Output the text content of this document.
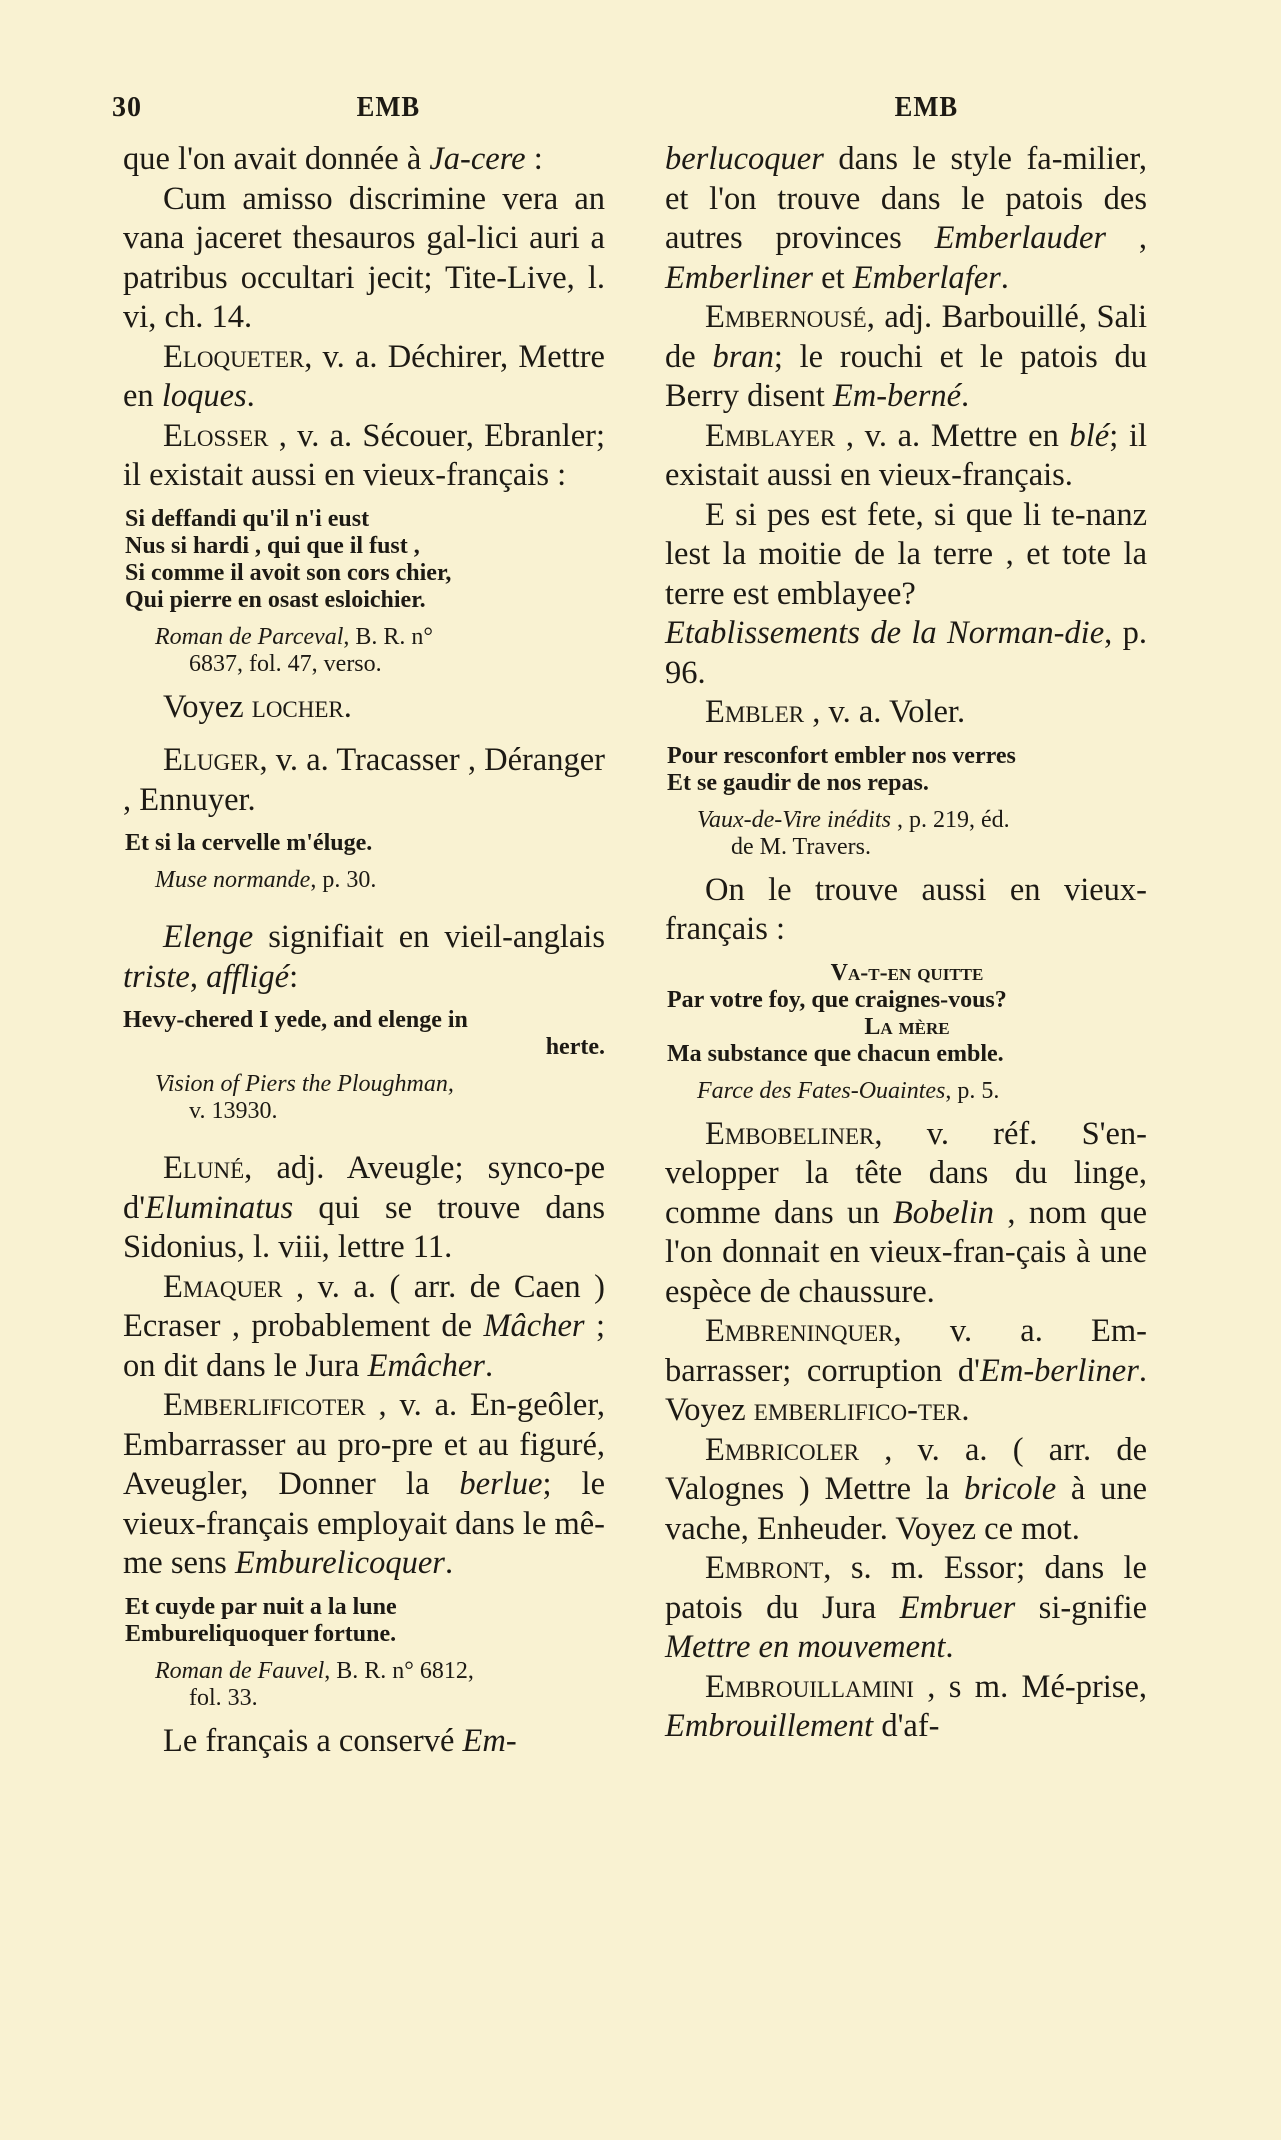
30	EMB	EMB

que l'on avait donnée à Ja-cere :

Cum amisso discrimine vera an vana jaceret thesauros gal-lici auri a patribus occultari jecit; Tite-Live, l. vi, ch. 14.

Eloqueter, v. a. Déchirer, Mettre en loques.

Elosser , v. a. Sécouer, Ebranler; il existait aussi en vieux-français :

Si deffandi qu'il n'i eust
Nus si hardi , qui que il fust ,
Si comme il avoit son cors chier,
Qui pierre en osast esloichier.
Roman de Parceval, B. R. n°
6837, fol. 47, verso.

Voyez locher.

Eluger, v. a. Tracasser , Déranger , Ennuyer.

Et si la cervelle m'éluge.
Muse normande, p. 30.

Elenge signifiait en vieil-anglais triste, affligé:

Hevy-chered I yede, and elenge in
herte.
Vision of Piers the Ploughman,
v. 13930.

Eluné, adj. Aveugle; synco-pe d'Eluminatus qui se trouve dans Sidonius, l. viii, lettre 11.

Emaquer , v. a. ( arr. de Caen ) Ecraser , probablement de Mâcher ; on dit dans le Jura Emâcher.

Emberlificoter , v. a. En-geôler, Embarrasser au pro-pre et au figuré, Aveugler, Donner la berlue; le vieux-français employait dans le mê-me sens Emburelicoquer.

Et cuyde par nuit a la lune
Embureliquoquer fortune.
Roman de Fauvel, B. R. n° 6812,
fol. 33.

Le français a conservé Em-

berlucoquer dans le style fa-milier, et l'on trouve dans le patois des autres provinces Emberlauder , Emberliner et Emberlafer.

Embernousé, adj. Barbouillé, Sali de bran; le rouchi et le patois du Berry disent Em-berné.

Emblayer , v. a. Mettre en blé; il existait aussi en vieux-français.

E si pes est fete, si que li te-nanz lest la moitie de la terre , et tote la terre est emblayee?

Etablissements de la Norman-die, p. 96.

Embler , v. a. Voler.

Pour resconfort embler nos verres
Et se gaudir de nos repas.
Vaux-de-Vire inédits , p. 219, éd.
de M. Travers.

On le trouve aussi en vieux-français :

Va-t-en quitte
Par votre foy, que craignes-vous?
La mère
Ma substance que chacun emble.
Farce des Fates-Ouaintes, p. 5.

Embobeliner, v. réf. S'en-velopper la tête dans du linge, comme dans un Bobelin , nom que l'on donnait en vieux-fran-çais à une espèce de chaussure.

Embreninquer, v. a. Em-barrasser; corruption d'Em-berliner. Voyez emberlifico-ter.

Embricoler , v. a. ( arr. de Valognes ) Mettre la bricole à une vache, Enheuder. Voyez ce mot.

Embront, s. m. Essor; dans le patois du Jura Embruer si-gnifie Mettre en mouvement.

Embrouillamini , s m. Mé-prise, Embrouillement d'af-
